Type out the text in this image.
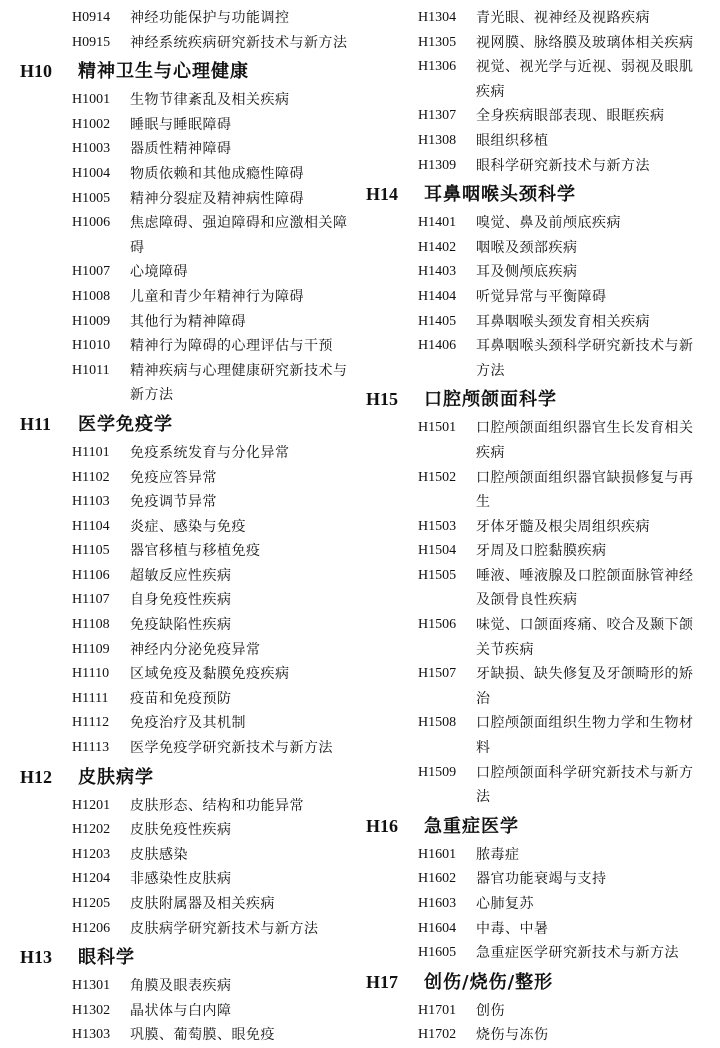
H0914	神经功能保护与功能调控
H0915	神经系统疾病研究新技术与新方法
H10	精神卫生与心理健康
H1001	生物节律紊乱及相关疾病
H1002	睡眠与睡眠障碍
H1003	器质性精神障碍
H1004	物质依赖和其他成瘾性障碍
H1005	精神分裂症及精神病性障碍
H1006	焦虑障碍、强迫障碍和应激相关障碍
H1007	心境障碍
H1008	儿童和青少年精神行为障碍
H1009	其他行为精神障碍
H1010	精神行为障碍的心理评估与干预
H1011	精神疾病与心理健康研究新技术与新方法
H11	医学免疫学
H1101	免疫系统发育与分化异常
H1102	免疫应答异常
H1103	免疫调节异常
H1104	炎症、感染与免疫
H1105	器官移植与移植免疫
H1106	超敏反应性疾病
H1107	自身免疫性疾病
H1108	免疫缺陷性疾病
H1109	神经内分泌免疫异常
H1110	区域免疫及黏膜免疫疾病
H1111	疫苗和免疫预防
H1112	免疫治疗及其机制
H1113	医学免疫学研究新技术与新方法
H12	皮肤病学
H1201	皮肤形态、结构和功能异常
H1202	皮肤免疫性疾病
H1203	皮肤感染
H1204	非感染性皮肤病
H1205	皮肤附属器及相关疾病
H1206	皮肤病学研究新技术与新方法
H13	眼科学
H1301	角膜及眼表疾病
H1302	晶状体与白内障
H1303	巩膜、葡萄膜、眼免疫
H1304	青光眼、视神经及视路疾病
H1305	视网膜、脉络膜及玻璃体相关疾病
H1306	视觉、视光学与近视、弱视及眼肌疾病
H1307	全身疾病眼部表现、眼眶疾病
H1308	眼组织移植
H1309	眼科学研究新技术与新方法
H14	耳鼻咽喉头颈科学
H1401	嗅觉、鼻及前颅底疾病
H1402	咽喉及颈部疾病
H1403	耳及侧颅底疾病
H1404	听觉异常与平衡障碍
H1405	耳鼻咽喉头颈发育相关疾病
H1406	耳鼻咽喉头颈科学研究新技术与新方法
H15	口腔颅颌面科学
H1501	口腔颅颌面组织器官生长发育相关疾病
H1502	口腔颅颌面组织器官缺损修复与再生
H1503	牙体牙髓及根尖周组织疾病
H1504	牙周及口腔黏膜疾病
H1505	唾液、唾液腺及口腔颌面脉管神经及颌骨良性疾病
H1506	味觉、口颌面疼痛、咬合及颞下颌关节疾病
H1507	牙缺损、缺失修复及牙颌畸形的矫治
H1508	口腔颅颌面组织生物力学和生物材料
H1509	口腔颅颌面科学研究新技术与新方法
H16	急重症医学
H1601	脓毒症
H1602	器官功能衰竭与支持
H1603	心肺复苏
H1604	中毒、中暑
H1605	急重症医学研究新技术与新方法
H17	创伤/烧伤/整形
H1701	创伤
H1702	烧伤与冻伤
